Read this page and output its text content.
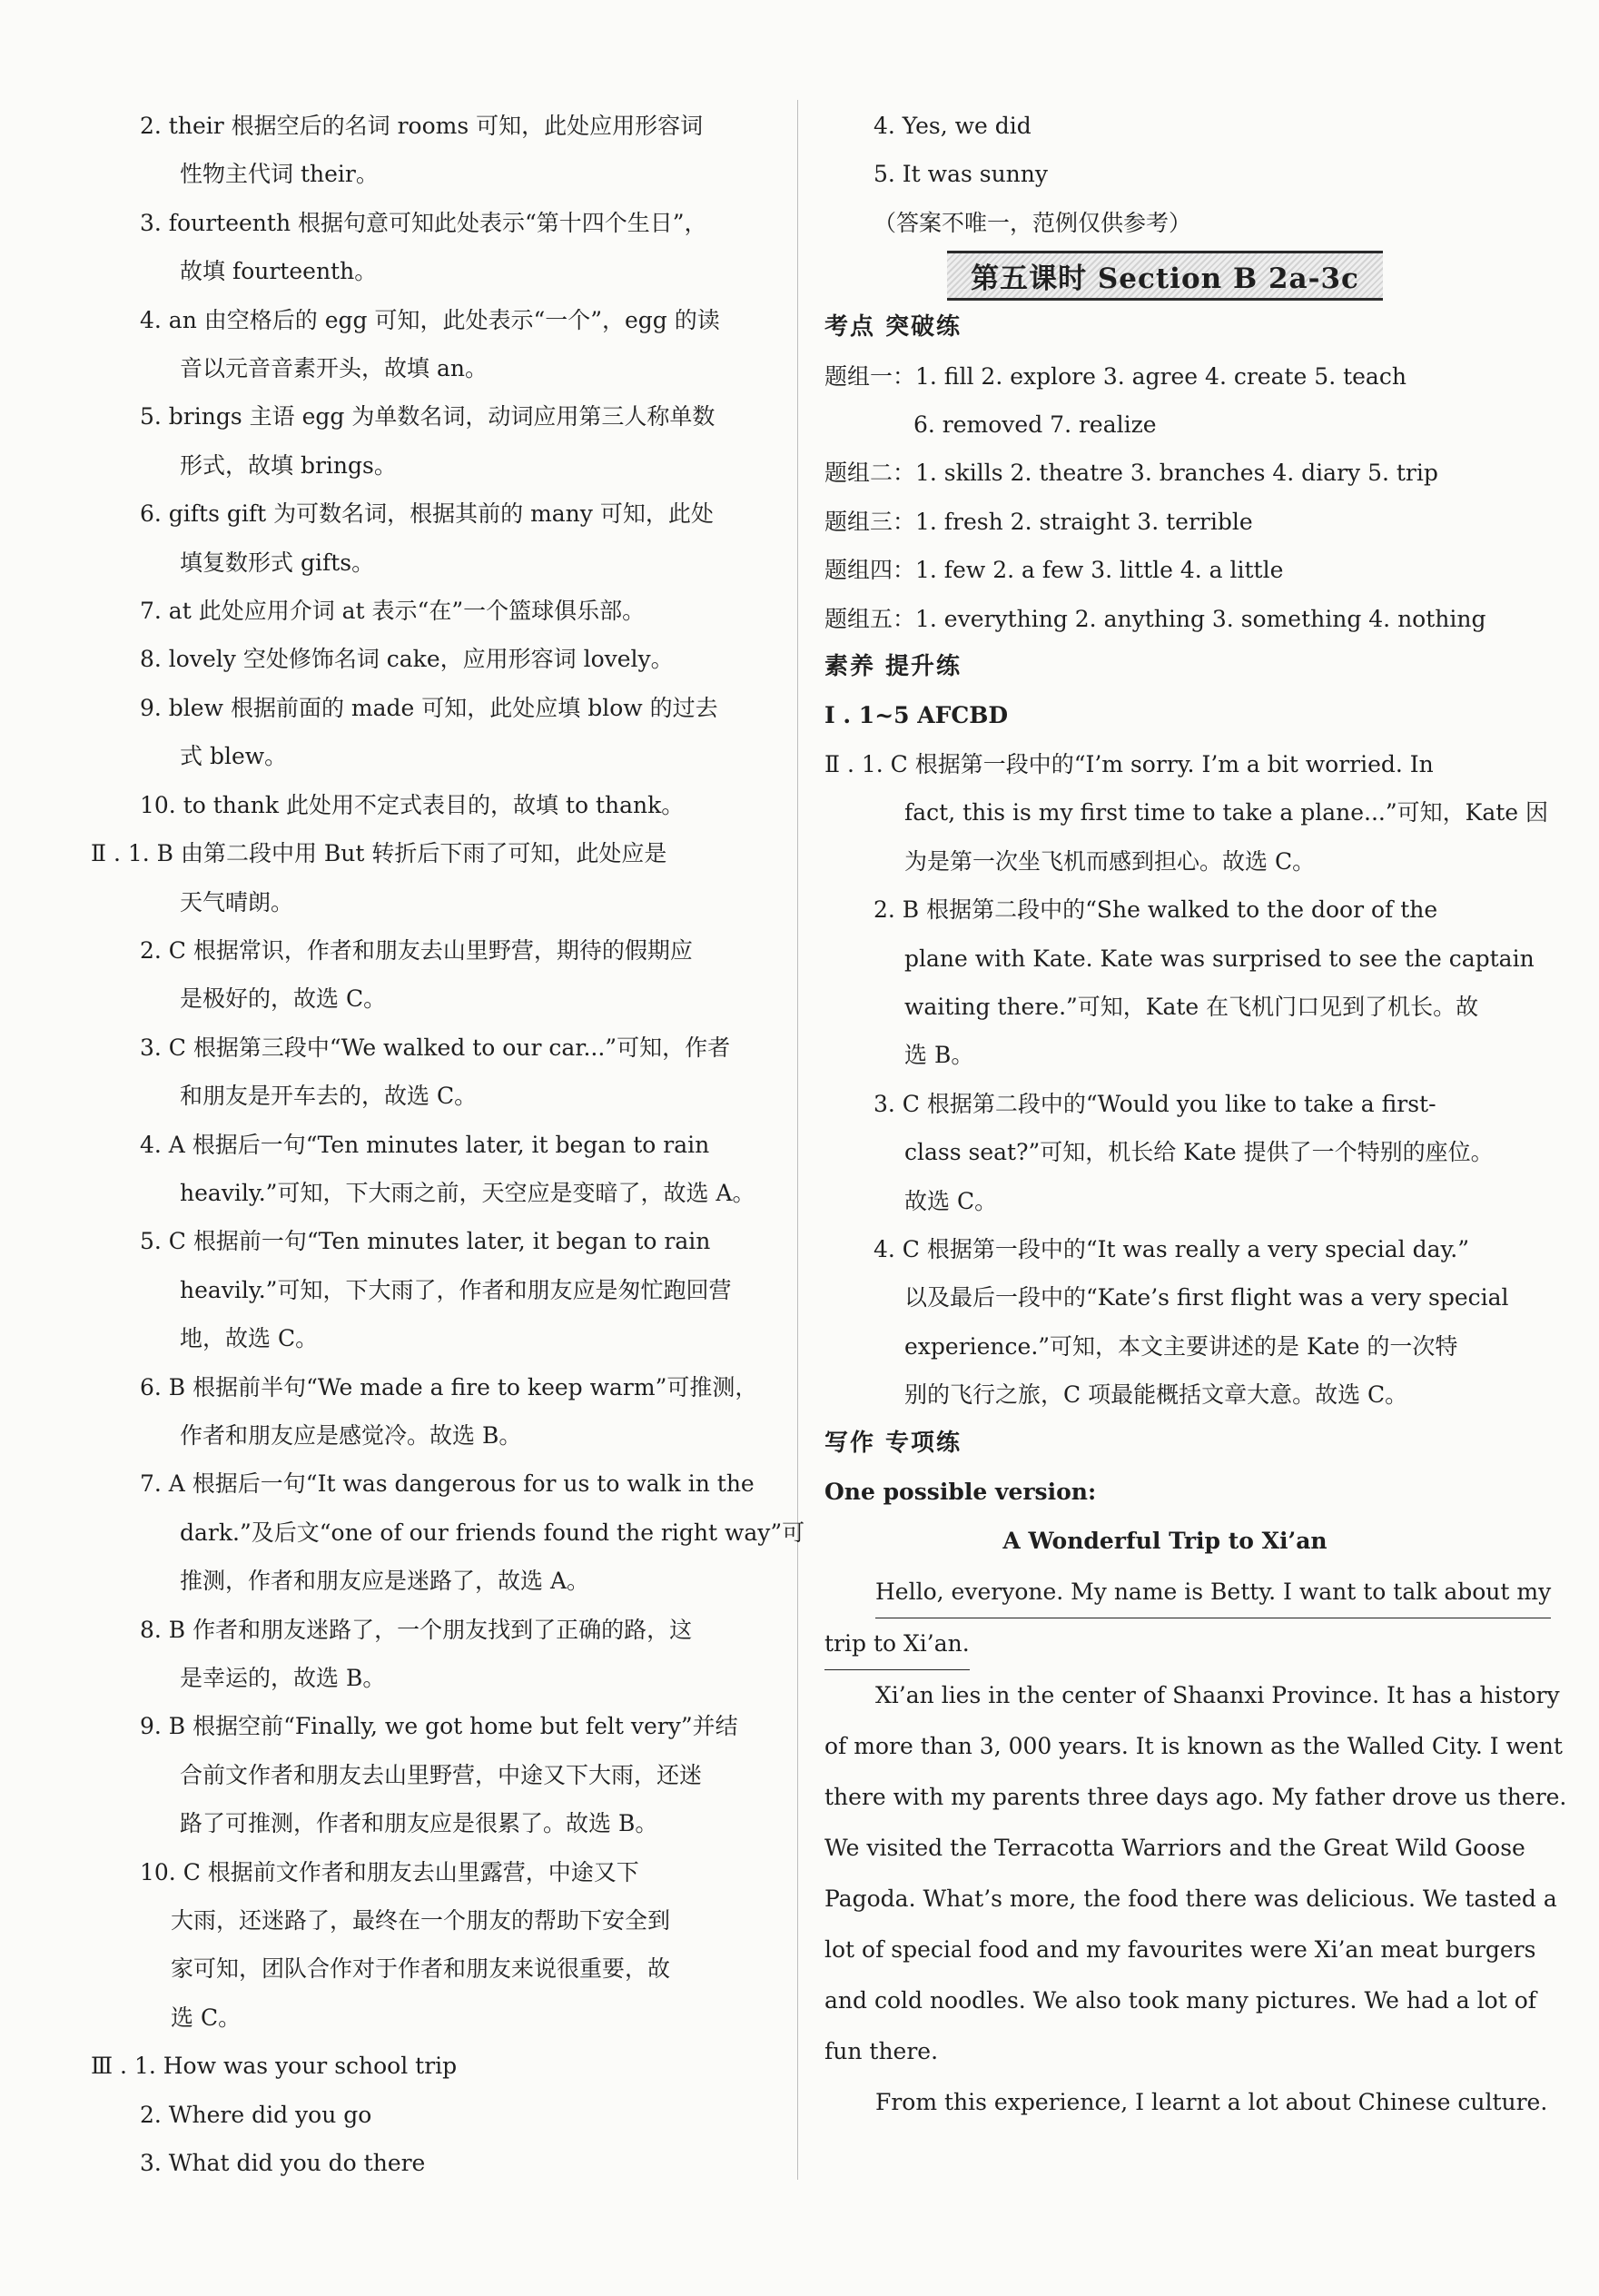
2. their 根据空后的名词 rooms 可知，此处应用形容词
性物主代词 their。
3. fourteenth 根据句意可知此处表示“第十四个生日”，
故填 fourteenth。
4. an 由空格后的 egg 可知，此处表示“一个”，egg 的读
音以元音音素开头，故填 an。
5. brings 主语 egg 为单数名词，动词应用第三人称单数
形式，故填 brings。
6. gifts gift 为可数名词，根据其前的 many 可知，此处
填复数形式 gifts。
7. at 此处应用介词 at 表示“在”一个篮球俱乐部。
8. lovely 空处修饰名词 cake，应用形容词 lovely。
9. blew 根据前面的 made 可知，此处应填 blow 的过去
式 blew。
10. to thank 此处用不定式表目的，故填 to thank。
Ⅱ . 1. B 由第二段中用 But 转折后下雨了可知，此处应是
天气晴朗。
2. C 根据常识，作者和朋友去山里野营，期待的假期应
是极好的，故选 C。
3. C 根据第三段中“We walked to our car...”可知，作者
和朋友是开车去的，故选 C。
4. A 根据后一句“Ten minutes later, it began to rain
heavily.”可知，下大雨之前，天空应是变暗了，故选 A。
5. C 根据前一句“Ten minutes later, it began to rain
heavily.”可知，下大雨了，作者和朋友应是匆忙跑回营
地，故选 C。
6. B 根据前半句“We made a fire to keep warm”可推测，
作者和朋友应是感觉冷。故选 B。
7. A 根据后一句“It was dangerous for us to walk in the
dark.”及后文“one of our friends found the right way”可
推测，作者和朋友应是迷路了，故选 A。
8. B 作者和朋友迷路了，一个朋友找到了正确的路，这
是幸运的，故选 B。
9. B 根据空前“Finally, we got home but felt very”并结
合前文作者和朋友去山里野营，中途又下大雨，还迷
路了可推测，作者和朋友应是很累了。故选 B。
10. C 根据前文作者和朋友去山里露营，中途又下
大雨，还迷路了，最终在一个朋友的帮助下安全到
家可知，团队合作对于作者和朋友来说很重要，故
选 C。
Ⅲ . 1. How was your school trip
2. Where did you go
3. What did you do there
4. Yes, we did
5. It was sunny
（答案不唯一，范例仅供参考）
第五课时 Section B 2a-3c
考点 突破练
题组一：1. fill 2. explore 3. agree 4. create 5. teach
6. removed 7. realize
题组二：1. skills 2. theatre 3. branches 4. diary 5. trip
题组三：1. fresh 2. straight 3. terrible
题组四：1. few 2. a few 3. little 4. a little
题组五：1. everything 2. anything 3. something 4. nothing
素养 提升练
Ⅰ . 1~5 AFCBD
Ⅱ . 1. C 根据第一段中的“I’m sorry. I’m a bit worried. In
fact, this is my first time to take a plane...”可知，Kate 因
为是第一次坐飞机而感到担心。故选 C。
2. B 根据第二段中的“She walked to the door of the
plane with Kate. Kate was surprised to see the captain
waiting there.”可知，Kate 在飞机门口见到了机长。故
选 B。
3. C 根据第二段中的“Would you like to take a first-
class seat?”可知，机长给 Kate 提供了一个特别的座位。
故选 C。
4. C 根据第一段中的“It was really a very special day.”
以及最后一段中的“Kate’s first flight was a very special
experience.”可知，本文主要讲述的是 Kate 的一次特
别的飞行之旅，C 项最能概括文章大意。故选 C。
写作 专项练
One possible version:
A Wonderful Trip to Xi’an
Hello, everyone. My name is Betty. I want to talk about my
trip to Xi’an.
Xi’an lies in the center of Shaanxi Province. It has a history
of more than 3, 000 years. It is known as the Walled City. I went
there with my parents three days ago. My father drove us there.
We visited the Terracotta Warriors and the Great Wild Goose
Pagoda. What’s more, the food there was delicious. We tasted a
lot of special food and my favourites were Xi’an meat burgers
and cold noodles. We also took many pictures. We had a lot of
fun there.
From this experience, I learnt a lot about Chinese culture.
